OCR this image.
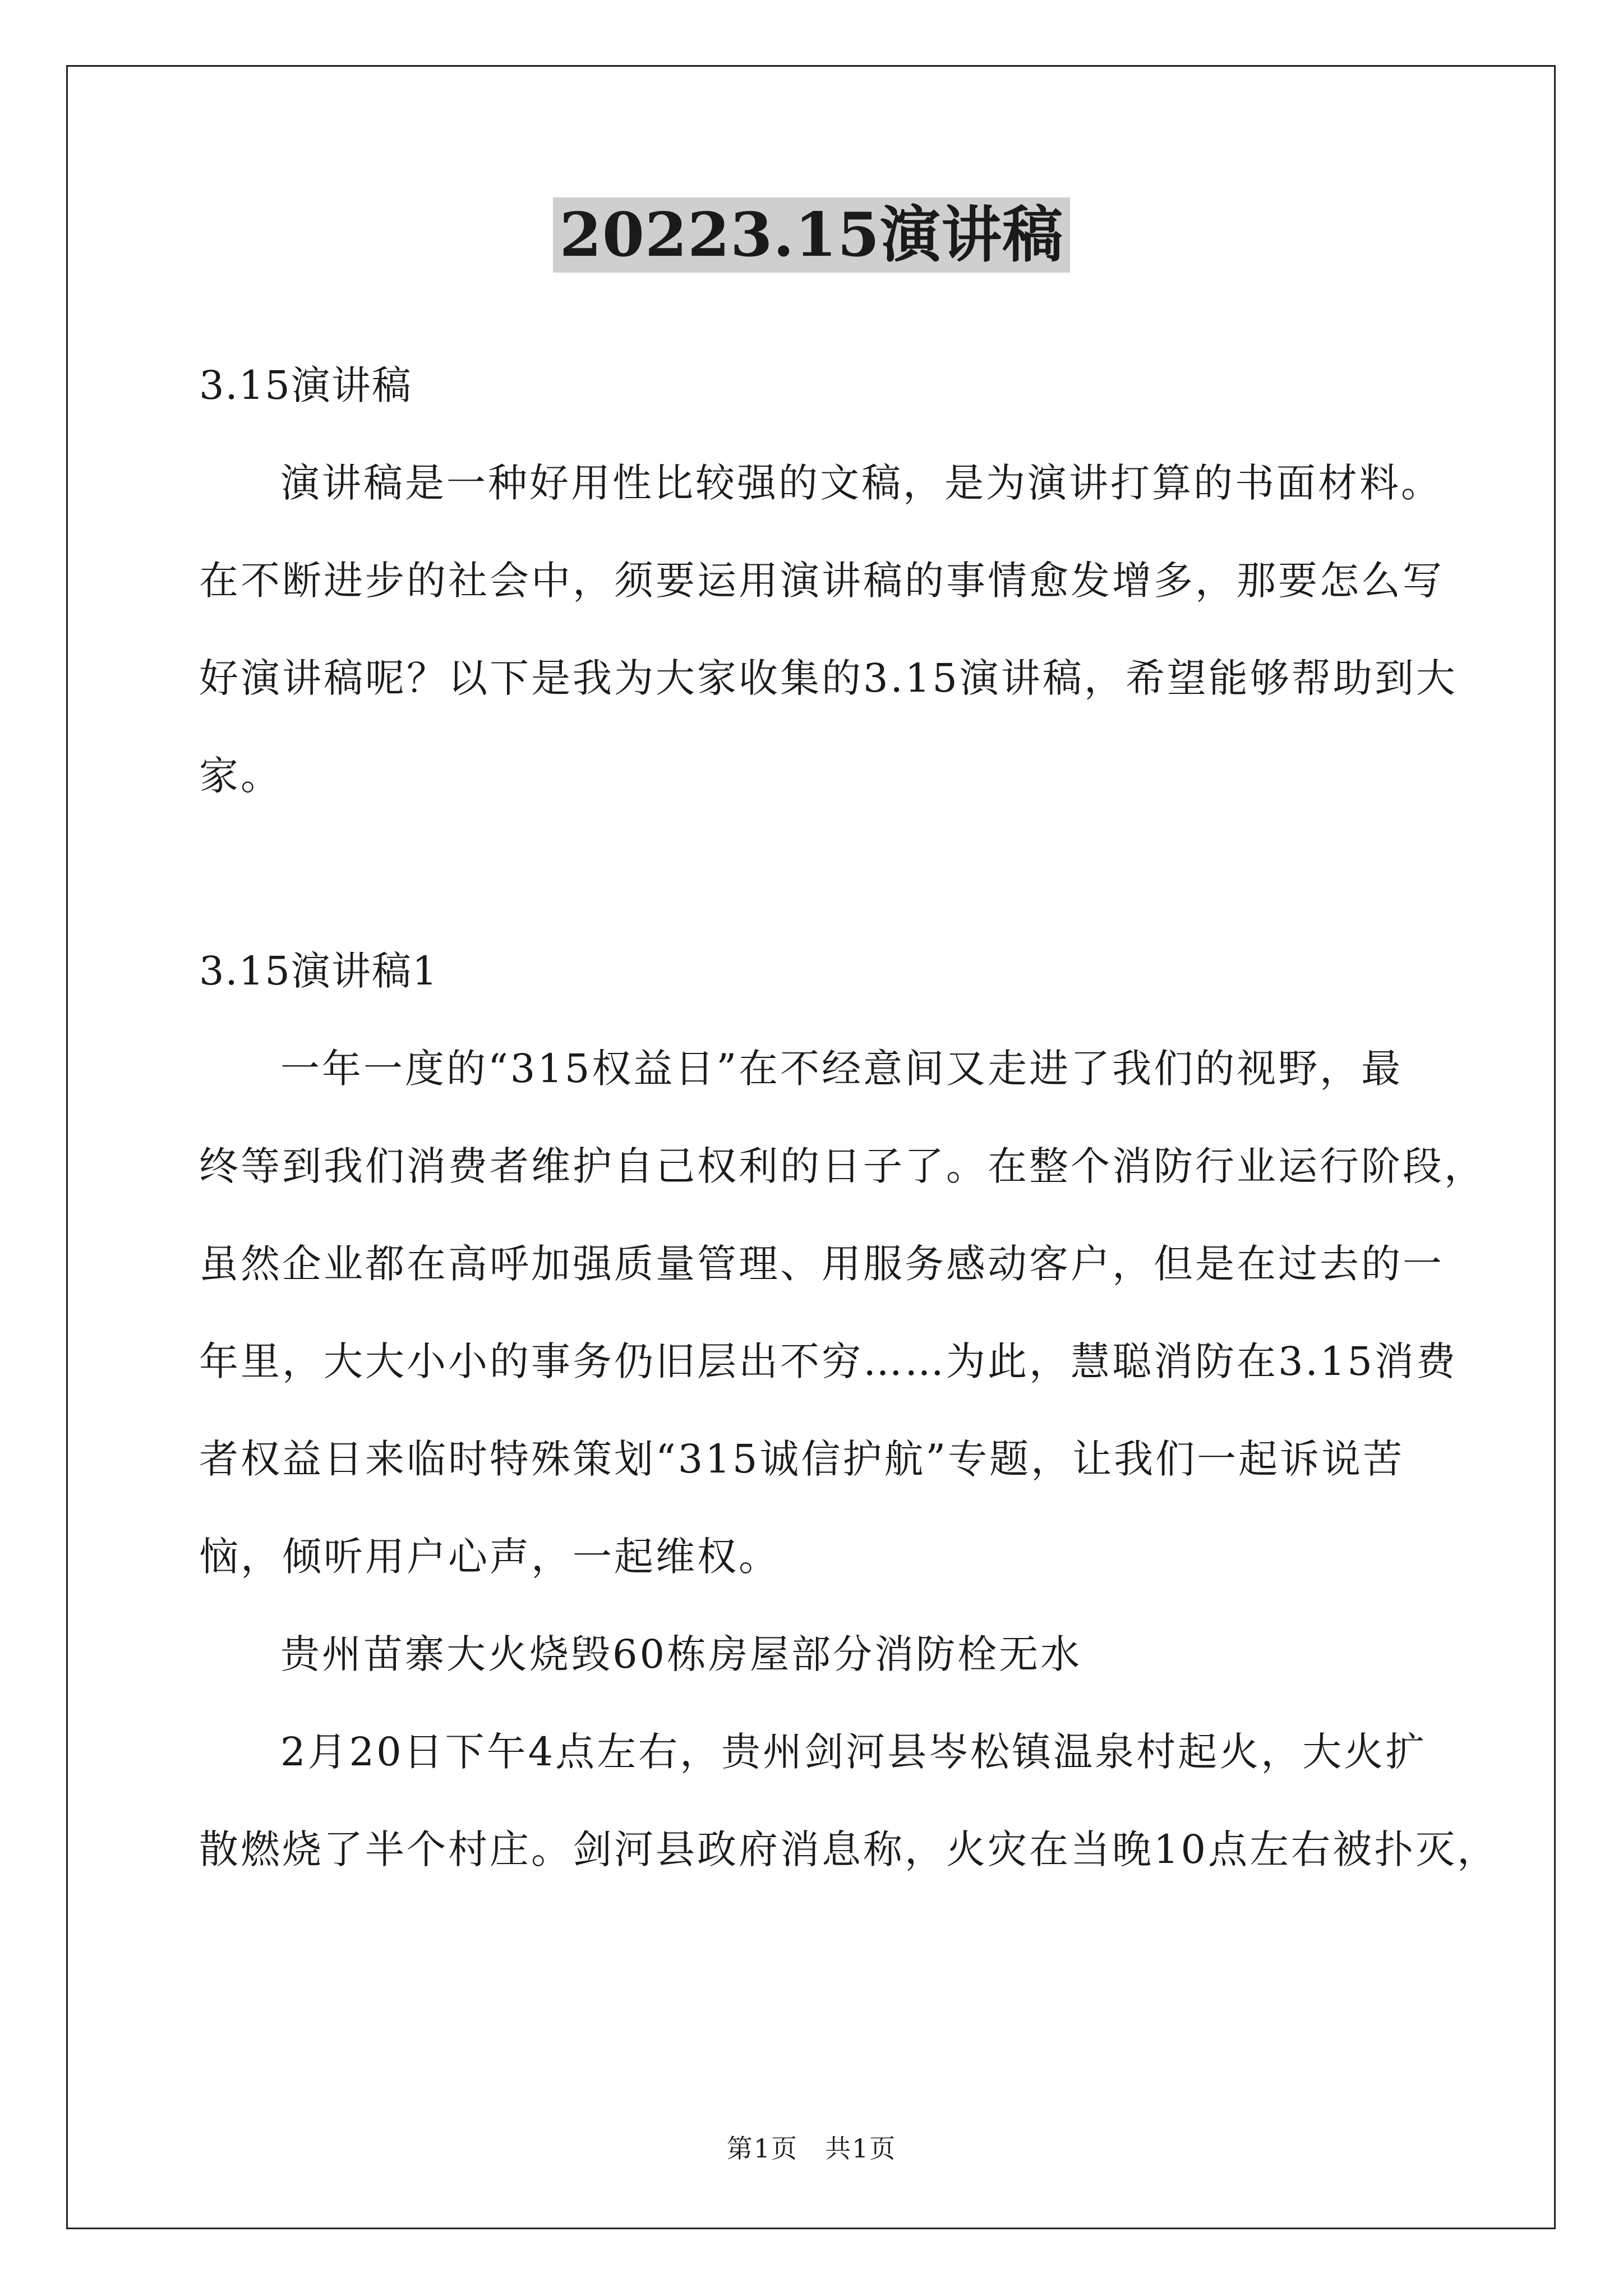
20223.15演讲稿
3.15演讲稿
演讲稿是一种好用性比较强的文稿，是为演讲打算的书面材料。
在不断进步的社会中，须要运用演讲稿的事情愈发增多，那要怎么写
好演讲稿呢？以下是我为大家收集的3.15演讲稿，希望能够帮助到大
家。
3.15演讲稿1
一年一度的“315权益日”在不经意间又走进了我们的视野，最
终等到我们消费者维护自己权利的日子了。在整个消防行业运行阶段，
虽然企业都在高呼加强质量管理、用服务感动客户，但是在过去的一
年里，大大小小的事务仍旧层出不穷……为此，慧聪消防在3.15消费
者权益日来临时特殊策划“315诚信护航”专题，让我们一起诉说苦
恼，倾听用户心声，一起维权。
贵州苗寨大火烧毁60栋房屋部分消防栓无水
2月20日下午4点左右，贵州剑河县岑松镇温泉村起火，大火扩
散燃烧了半个村庄。剑河县政府消息称，火灾在当晚10点左右被扑灭，
第1页　共1页
